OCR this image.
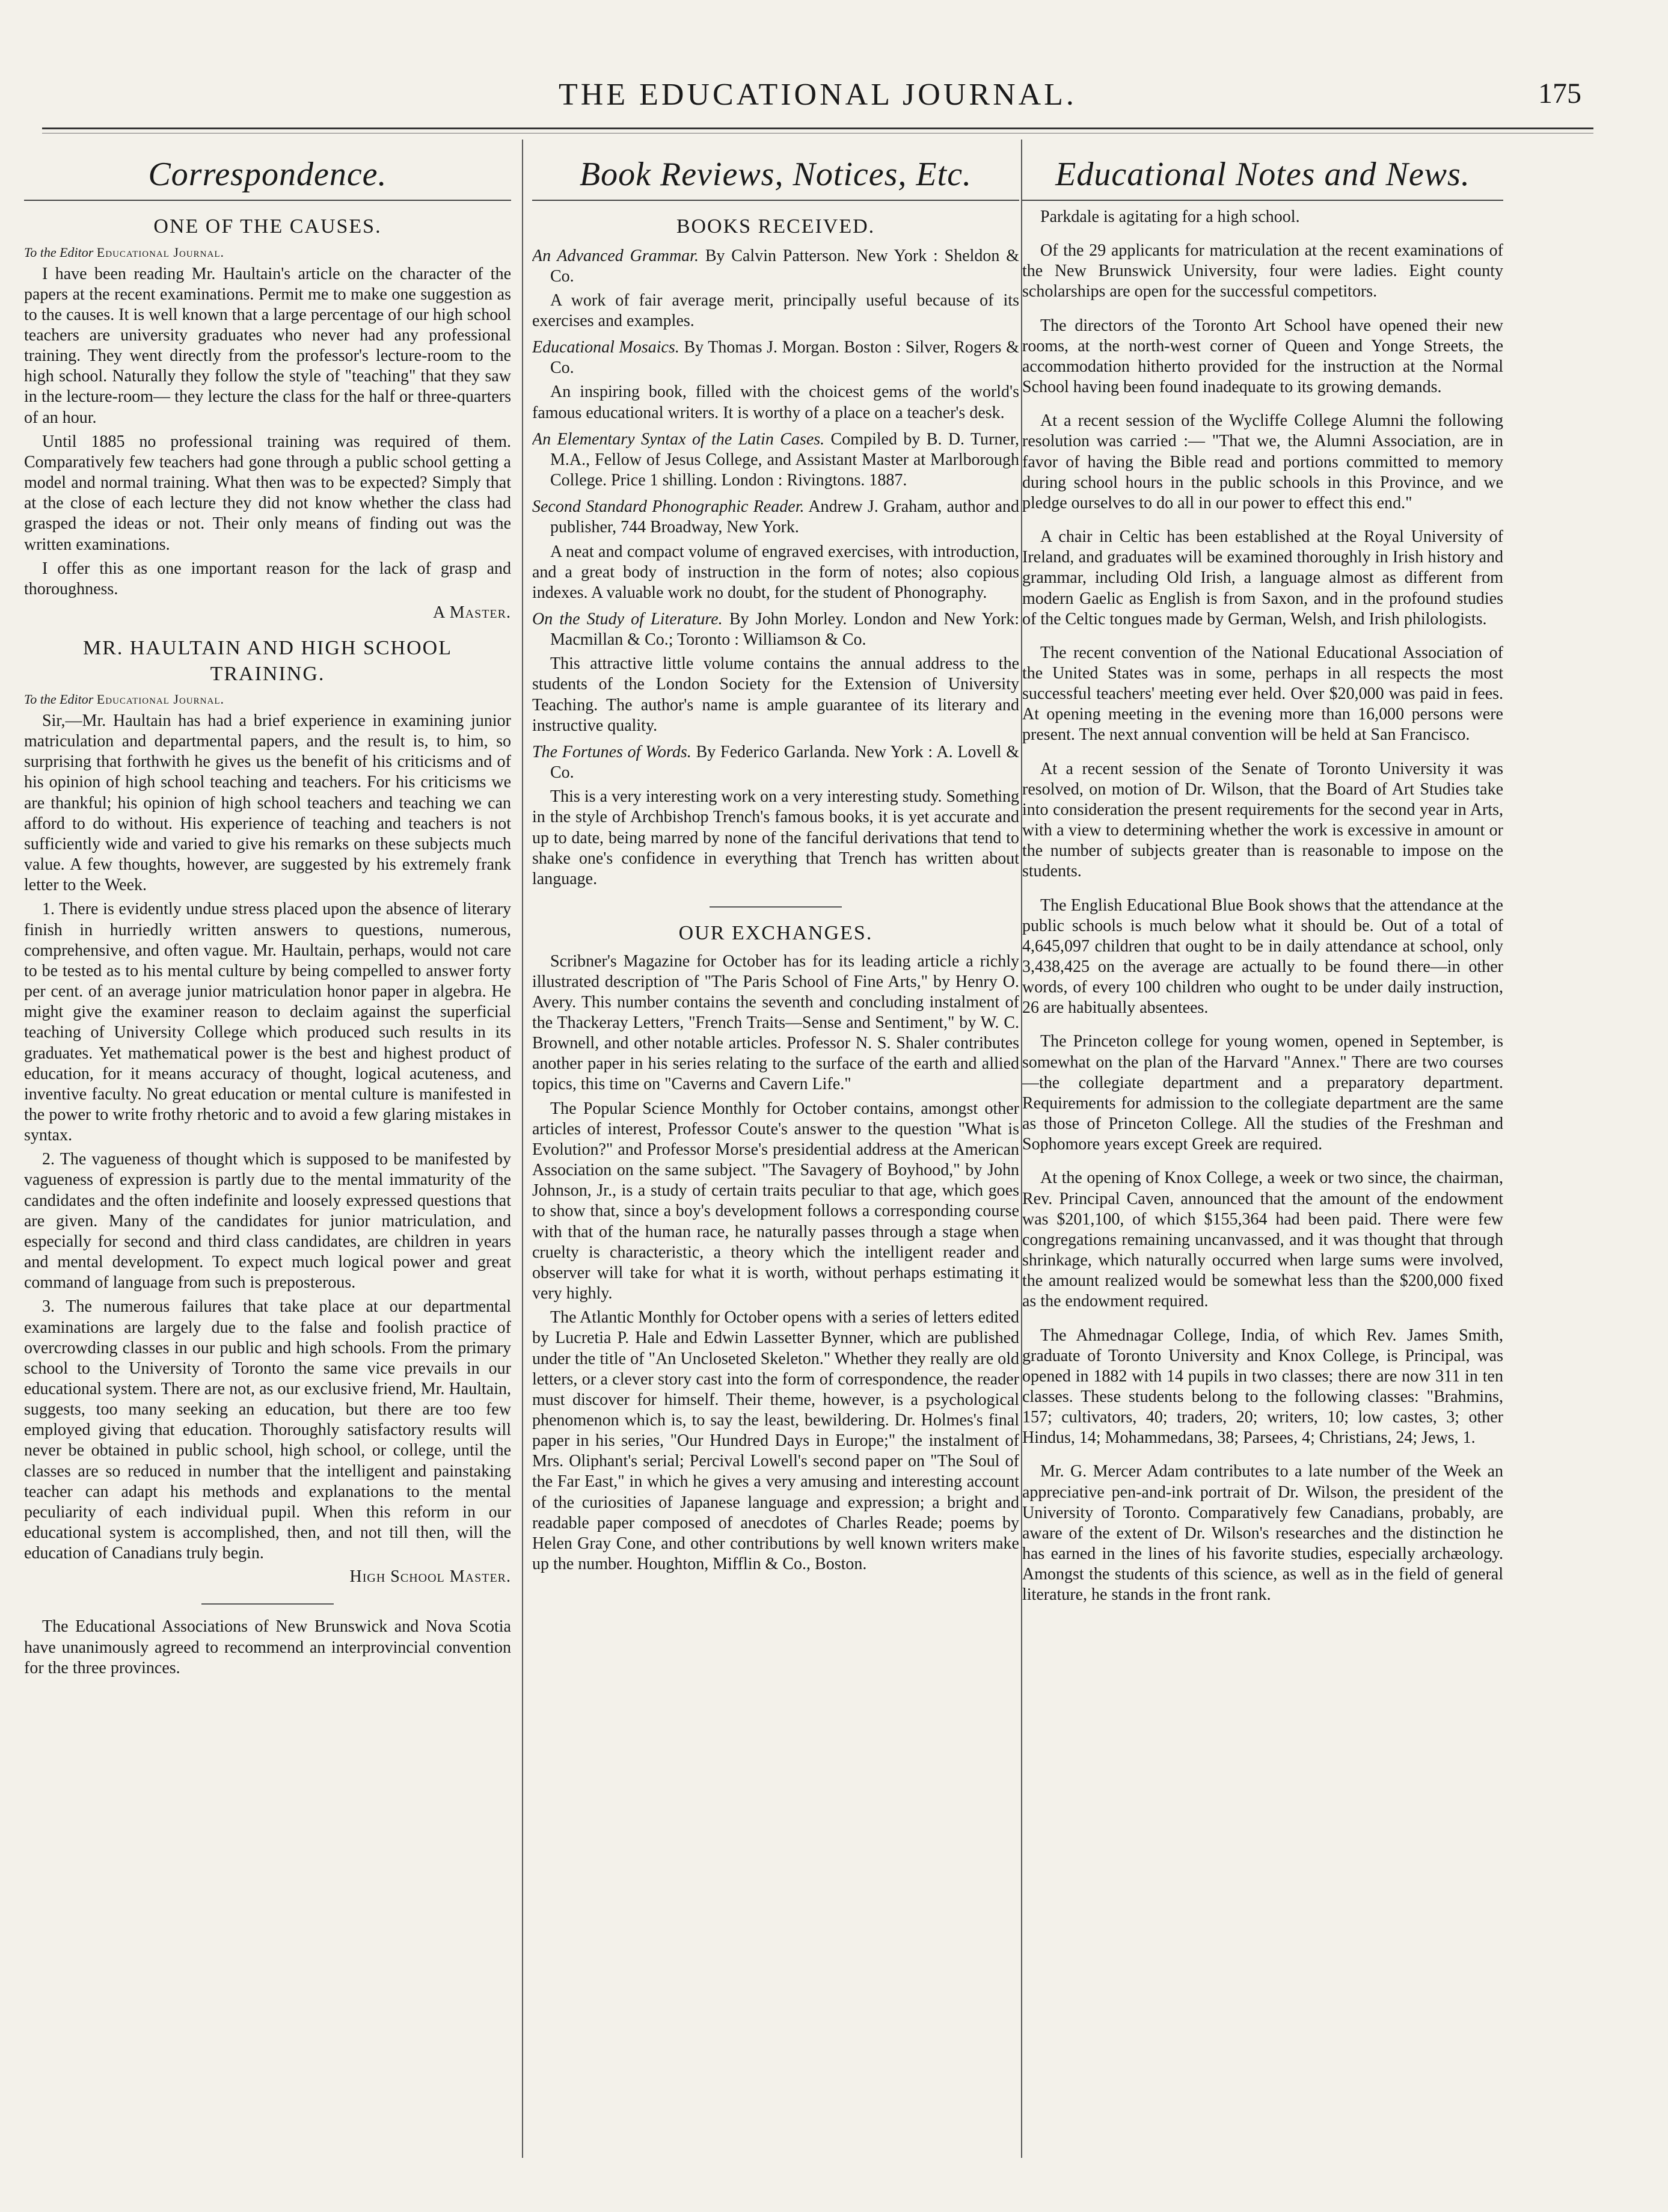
THE EDUCATIONAL JOURNAL.	175
Correspondence.
ONE OF THE CAUSES.
To the Editor Educational Journal.

I have been reading Mr. Haultain's article on the character of the papers at the recent examinations. Permit me to make one suggestion as to the causes. It is well known that a large percentage of our high school teachers are university graduates who never had any professional training. They went directly from the professor's lecture-room to the high school. Naturally they follow the style of "teaching" that they saw in the lecture-room— they lecture the class for the half or three-quarters of an hour.

Until 1885 no professional training was required of them. Comparatively few teachers had gone through a public school getting a model and normal training. What then was to be expected? Simply that at the close of each lecture they did not know whether the class had grasped the ideas or not. Their only means of finding out was the written examinations.

I offer this as one important reason for the lack of grasp and thoroughness.

A Master.
MR. HAULTAIN AND HIGH SCHOOL TRAINING.
To the Editor Educational Journal.

Sir,—Mr. Haultain has had a brief experience in examining junior matriculation and departmental papers, and the result is, to him, so surprising that forthwith he gives us the benefit of his criticisms and of his opinion of high school teaching and teachers. For his criticisms we are thankful; his opinion of high school teachers and teaching we can afford to do without. His experience of teaching and teachers is not sufficiently wide and varied to give his remarks on these subjects much value. A few thoughts, however, are suggested by his extremely frank letter to the Week.

1. There is evidently undue stress placed upon the absence of literary finish in hurriedly written answers to questions, numerous, comprehensive, and often vague. Mr. Haultain, perhaps, would not care to be tested as to his mental culture by being compelled to answer forty per cent. of an average junior matriculation honor paper in algebra. He might give the examiner reason to declaim against the superficial teaching of University College which produced such results in its graduates. Yet mathematical power is the best and highest product of education, for it means accuracy of thought, logical acuteness, and inventive faculty. No great education or mental culture is manifested in the power to write frothy rhetoric and to avoid a few glaring mistakes in syntax.

2. The vagueness of thought which is supposed to be manifested by vagueness of expression is partly due to the mental immaturity of the candidates and the often indefinite and loosely expressed questions that are given. Many of the candidates for junior matriculation, and especially for second and third class candidates, are children in years and mental development. To expect much logical power and great command of language from such is preposterous.

3. The numerous failures that take place at our departmental examinations are largely due to the false and foolish practice of overcrowding classes in our public and high schools. From the primary school to the University of Toronto the same vice prevails in our educational system. There are not, as our exclusive friend, Mr. Haultain, suggests, too many seeking an education, but there are too few employed giving that education. Thoroughly satisfactory results will never be obtained in public school, high school, or college, until the classes are so reduced in number that the intelligent and painstaking teacher can adapt his methods and explanations to the mental peculiarity of each individual pupil. When this reform in our educational system is accomplished, then, and not till then, will the education of Canadians truly begin.

High School Master.

The Educational Associations of New Brunswick and Nova Scotia have unanimously agreed to recommend an interprovincial convention for the three provinces.

Book Reviews, Notices, Etc.
BOOKS RECEIVED.
An Advanced Grammar. By Calvin Patterson. New York : Sheldon & Co.

A work of fair average merit, principally useful because of its exercises and examples.

Educational Mosaics. By Thomas J. Morgan. Boston : Silver, Rogers & Co.

An inspiring book, filled with the choicest gems of the world's famous educational writers. It is worthy of a place on a teacher's desk.

An Elementary Syntax of the Latin Cases. Compiled by B. D. Turner, M.A., Fellow of Jesus College, and Assistant Master at Marlborough College. Price 1 shilling. London : Rivingtons. 1887.
Second Standard Phonographic Reader. Andrew J. Graham, author and publisher, 744 Broadway, New York.

A neat and compact volume of engraved exercises, with introduction, and a great body of instruction in the form of notes; also copious indexes. A valuable work no doubt, for the student of Phonography.

On the Study of Literature. By John Morley. London and New York: Macmillan & Co.; Toronto : Williamson & Co.

This attractive little volume contains the annual address to the students of the London Society for the Extension of University Teaching. The author's name is ample guarantee of its literary and instructive quality.

The Fortunes of Words. By Federico Garlanda. New York : A. Lovell & Co.

This is a very interesting work on a very interesting study. Something in the style of Archbishop Trench's famous books, it is yet accurate and up to date, being marred by none of the fanciful derivations that tend to shake one's confidence in everything that Trench has written about language.

OUR EXCHANGES.

Scribner's Magazine for October has for its leading article a richly illustrated description of "The Paris School of Fine Arts," by Henry O. Avery. This number contains the seventh and concluding instalment of the Thackeray Letters, "French Traits—Sense and Sentiment," by W. C. Brownell, and other notable articles. Professor N. S. Shaler contributes another paper in his series relating to the surface of the earth and allied topics, this time on "Caverns and Cavern Life."

The Popular Science Monthly for October contains, amongst other articles of interest, Professor Coute's answer to the question "What is Evolution?" and Professor Morse's presidential address at the American Association on the same subject. "The Savagery of Boyhood," by John Johnson, Jr., is a study of certain traits peculiar to that age, which goes to show that, since a boy's development follows a corresponding course with that of the human race, he naturally passes through a stage when cruelty is characteristic, a theory which the intelligent reader and observer will take for what it is worth, without perhaps estimating it very highly.

The Atlantic Monthly for October opens with a series of letters edited by Lucretia P. Hale and Edwin Lassetter Bynner, which are published under the title of "An Uncloseted Skeleton." Whether they really are old letters, or a clever story cast into the form of correspondence, the reader must discover for himself. Their theme, however, is a psychological phenomenon which is, to say the least, bewildering. Dr. Holmes's final paper in his series, "Our Hundred Days in Europe;" the instalment of Mrs. Oliphant's serial; Percival Lowell's second paper on "The Soul of the Far East," in which he gives a very amusing and interesting account of the curiosities of Japanese language and expression; a bright and readable paper composed of anecdotes of Charles Reade; poems by Helen Gray Cone, and other contributions by well known writers make up the number. Houghton, Mifflin & Co., Boston.

Educational Notes and News.

Parkdale is agitating for a high school.

Of the 29 applicants for matriculation at the recent examinations of the New Brunswick University, four were ladies. Eight county scholarships are open for the successful competitors.

The directors of the Toronto Art School have opened their new rooms, at the north-west corner of Queen and Yonge Streets, the accommodation hitherto provided for the instruction at the Normal School having been found inadequate to its growing demands.

At a recent session of the Wycliffe College Alumni the following resolution was carried :— "That we, the Alumni Association, are in favor of having the Bible read and portions committed to memory during school hours in the public schools in this Province, and we pledge ourselves to do all in our power to effect this end."

A chair in Celtic has been established at the Royal University of Ireland, and graduates will be examined thoroughly in Irish history and grammar, including Old Irish, a language almost as different from modern Gaelic as English is from Saxon, and in the profound studies of the Celtic tongues made by German, Welsh, and Irish philologists.

The recent convention of the National Educational Association of the United States was in some, perhaps in all respects the most successful teachers' meeting ever held. Over $20,000 was paid in fees. At opening meeting in the evening more than 16,000 persons were present. The next annual convention will be held at San Francisco.

At a recent session of the Senate of Toronto University it was resolved, on motion of Dr. Wilson, that the Board of Art Studies take into consideration the present requirements for the second year in Arts, with a view to determining whether the work is excessive in amount or the number of subjects greater than is reasonable to impose on the students.

The English Educational Blue Book shows that the attendance at the public schools is much below what it should be. Out of a total of 4,645,097 children that ought to be in daily attendance at school, only 3,438,425 on the average are actually to be found there—in other words, of every 100 children who ought to be under daily instruction, 26 are habitually absentees.

The Princeton college for young women, opened in September, is somewhat on the plan of the Harvard "Annex." There are two courses—the collegiate department and a preparatory department. Requirements for admission to the collegiate department are the same as those of Princeton College. All the studies of the Freshman and Sophomore years except Greek are required.

At the opening of Knox College, a week or two since, the chairman, Rev. Principal Caven, announced that the amount of the endowment was $201,100, of which $155,364 had been paid. There were few congregations remaining uncanvassed, and it was thought that through shrinkage, which naturally occurred when large sums were involved, the amount realized would be somewhat less than the $200,000 fixed as the endowment required.

The Ahmednagar College, India, of which Rev. James Smith, graduate of Toronto University and Knox College, is Principal, was opened in 1882 with 14 pupils in two classes; there are now 311 in ten classes. These students belong to the following classes: "Brahmins, 157; cultivators, 40; traders, 20; writers, 10; low castes, 3; other Hindus, 14; Mohammedans, 38; Parsees, 4; Christians, 24; Jews, 1.

Mr. G. Mercer Adam contributes to a late number of the Week an appreciative pen-and-ink portrait of Dr. Wilson, the president of the University of Toronto. Comparatively few Canadians, probably, are aware of the extent of Dr. Wilson's researches and the distinction he has earned in the lines of his favorite studies, especially archæology. Amongst the students of this science, as well as in the field of general literature, he stands in the front rank.
